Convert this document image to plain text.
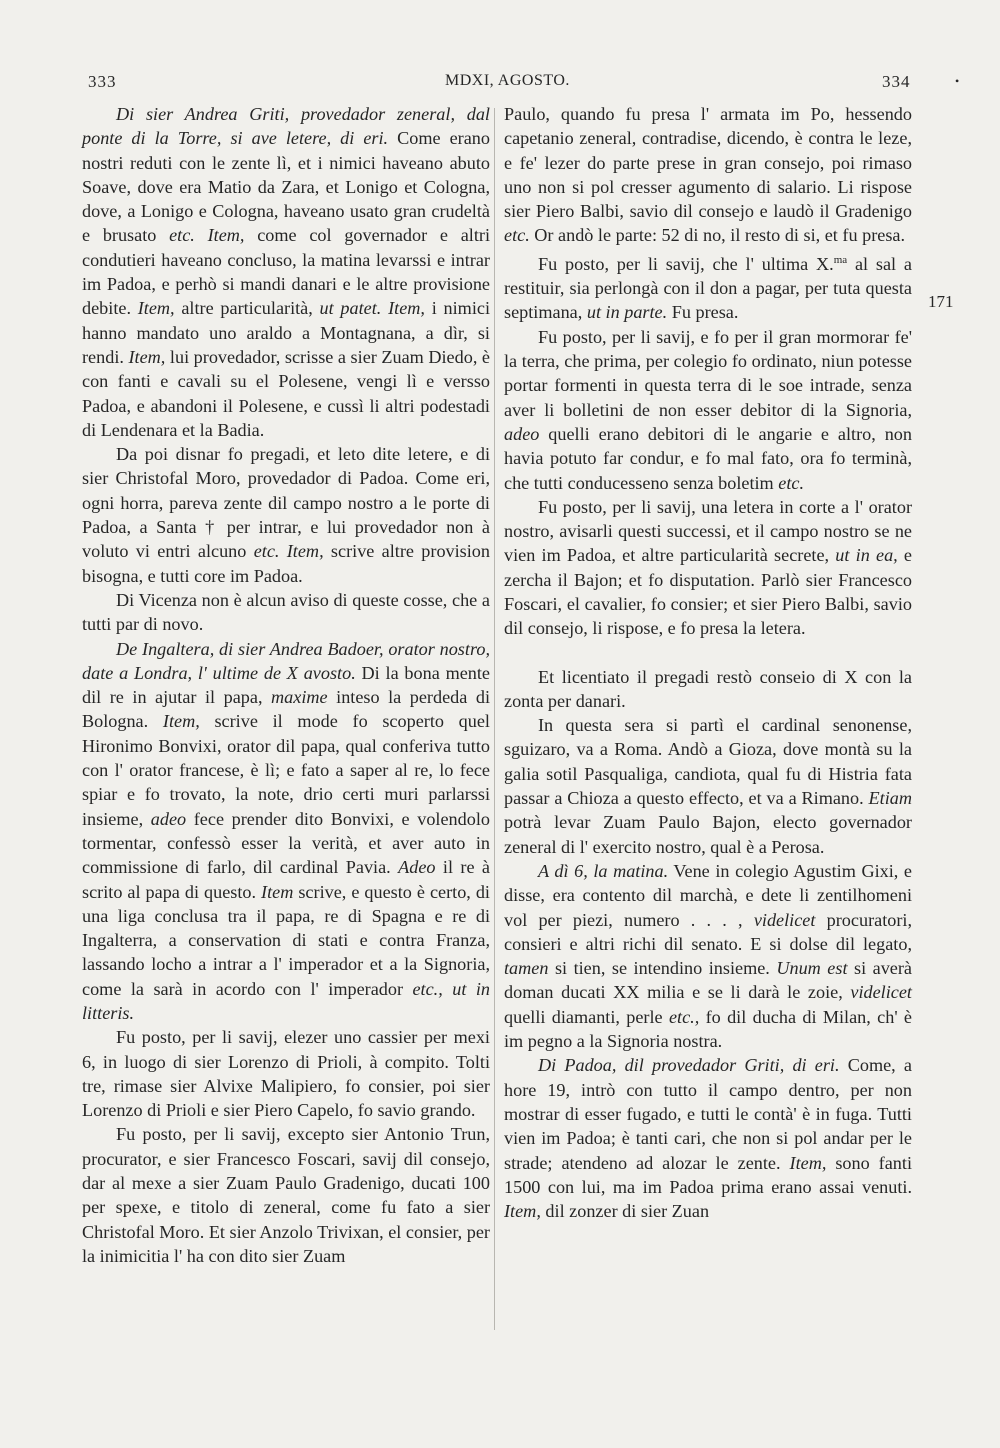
333	MDXI, AGOSTO.	334	•

Di sier Andrea Griti, provedador zeneral, dal ponte di la Torre, si ave letere, di eri. Come erano nostri reduti con le zente lì, et i nimici haveano abuto Soave, dove era Matio da Zara, et Lonigo et Cologna, dove, a Lonigo e Cologna, haveano usato gran crudeltà e brusato etc. Item, come col governador e altri condutieri haveano concluso, la matina levarssi e intrar im Padoa, e perhò si mandi danari e le altre provisione debite. Item, altre particularità, ut patet. Item, i nimici hanno mandato uno araldo a Montagnana, a dìr, si rendi. Item, lui provedador, scrisse a sier Zuam Diedo, è con fanti e cavali su el Polesene, vengi lì e versso Padoa, e abandoni il Polesene, e cussì li altri podestadi di Lendenara et la Badia.

Da poi disnar fo pregadi, et leto dite letere, e di sier Christofal Moro, provedador di Padoa. Come eri, ogni horra, pareva zente dil campo nostro a le porte di Padoa, a Santa † per intrar, e lui provedador non à voluto vi entri alcuno etc. Item, scrive altre provision bisogna, e tutti core im Padoa.

Di Vicenza non è alcun aviso di queste cosse, che a tutti par di novo.

De Ingaltera, di sier Andrea Badoer, orator nostro, date a Londra, l' ultime de X avosto. Di la bona mente dil re in ajutar il papa, maxime inteso la perdeda di Bologna. Item, scrive il mode fo scoperto quel Hironimo Bonvixi, orator dil papa, qual conferiva tutto con l' orator francese, è lì; e fato a saper al re, lo fece spiar e fo trovato, la note, drio certi muri parlarssi insieme, adeo fece prender dito Bonvixi, e volendolo tormentar, confessò esser la verità, et aver auto in commissione di farlo, dil cardinal Pavia. Adeo il re à scrito al papa di questo. Item scrive, e questo è certo, di una liga conclusa tra il papa, re di Spagna e re di Ingalterra, a conservation di stati e contra Franza, lassando locho a intrar a l' imperador et a la Signoria, come la sarà in acordo con l' imperador etc., ut in litteris.

Fu posto, per li savij, elezer uno cassier per mexi 6, in luogo di sier Lorenzo di Prioli, à compito. Tolti tre, rimase sier Alvixe Malipiero, fo consier, poi sier Lorenzo di Prioli e sier Piero Capelo, fo savio grando.

Fu posto, per li savij, excepto sier Antonio Trun, procurator, e sier Francesco Foscari, savij dil consejo, dar al mexe a sier Zuam Paulo Gradenigo, ducati 100 per spexe, e titolo di zeneral, come fu fato a sier Christofal Moro. Et sier Anzolo Trivixan, el consier, per la inimicitia l' ha con dito sier Zuam

Paulo, quando fu presa l' armata im Po, hessendo capetanio zeneral, contradise, dicendo, è contra le leze, e fe' lezer do parte prese in gran consejo, poi rimaso uno non si pol cresser agumento di salario. Li rispose sier Piero Balbi, savio dil consejo e laudò il Gradenigo etc. Or andò le parte: 52 di no, il resto di si, et fu presa.

Fu posto, per li savij, che l' ultima X.$^{ma}$ al sal a restituir, sia perlongà con il don a pagar, per tuta questa septimana, ut in parte. Fu presa.

Fu posto, per li savij, e fo per il gran mormorar fe' la terra, che prima, per colegio fo ordinato, niun potesse portar formenti in questa terra di le soe intrade, senza aver li bolletini de non esser debitor di la Signoria, adeo quelli erano debitori di le angarie e altro, non havia potuto far condur, e fo mal fato, ora fo terminà, che tutti conducesseno senza boletim etc.

Fu posto, per li savij, una letera in corte a l' orator nostro, avisarli questi successi, et il campo nostro se ne vien im Padoa, et altre particularità secrete, ut in ea, e zercha il Bajon; et fo disputation. Parlò sier Francesco Foscari, el cavalier, fo consier; et sier Piero Balbi, savio dil consejo, li rispose, e fo presa la letera.

Et licentiato il pregadi restò conseio di X con la zonta per danari.

In questa sera si partì el cardinal senonense, sguizaro, va a Roma. Andò a Gioza, dove montà su la galia sotil Pasqualiga, candiota, qual fu di Histria fata passar a Chioza a questo effecto, et va a Rimano. Etiam potrà levar Zuam Paulo Bajon, electo governador zeneral di l' exercito nostro, qual è a Perosa.

A dì 6, la matina. Vene in colegio Agustim Gixi, e disse, era contento dil marchà, e dete li zentilhomeni vol per piezi, numero . . . , videlicet procuratori, consieri e altri richi dil senato. E si dolse dil legato, tamen si tien, se intendino insieme. Unum est si averà doman ducati XX milia e se li darà le zoie, videlicet quelli diamanti, perle etc., fo dil ducha di Milan, ch' è im pegno a la Signoria nostra.

Di Padoa, dil provedador Griti, di eri. Come, a hore 19, intrò con tutto il campo dentro, per non mostrar di esser fugado, e tutti le contà' è in fuga. Tutti vien im Padoa; è tanti cari, che non si pol andar per le strade; atendeno ad alozar le zente. Item, sono fanti 1500 con lui, ma im Padoa prima erano assai venuti. Item, dil zonzer di sier Zuan

171
